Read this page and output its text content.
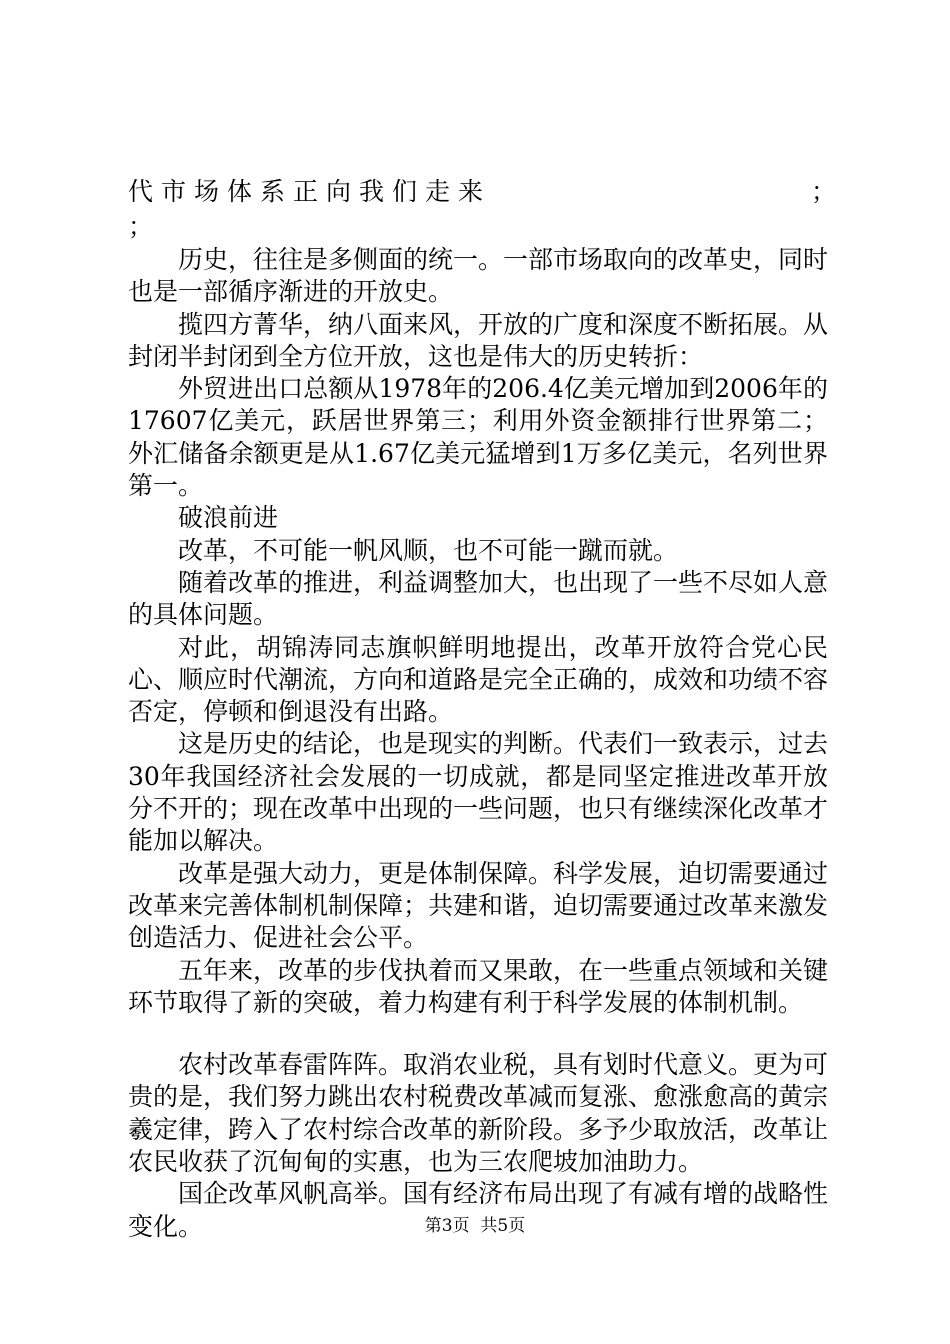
代市场体系正向我们走来	；
；

历史，往往是多侧面的统一。一部市场取向的改革史，同时也是一部循序渐进的开放史。

揽四方菁华，纳八面来风，开放的广度和深度不断拓展。从封闭半封闭到全方位开放，这也是伟大的历史转折：

外贸进出口总额从1978年的206.4亿美元增加到2006年的17607亿美元，跃居世界第三；利用外资金额排行世界第二；外汇储备余额更是从1.67亿美元猛增到1万多亿美元，名列世界第一。

破浪前进

改革，不可能一帆风顺，也不可能一蹴而就。

随着改革的推进，利益调整加大，也出现了一些不尽如人意的具体问题。

对此，胡锦涛同志旗帜鲜明地提出，改革开放符合党心民心、顺应时代潮流，方向和道路是完全正确的，成效和功绩不容否定，停顿和倒退没有出路。

这是历史的结论，也是现实的判断。代表们一致表示，过去30年我国经济社会发展的一切成就，都是同坚定推进改革开放分不开的；现在改革中出现的一些问题，也只有继续深化改革才能加以解决。

改革是强大动力，更是体制保障。科学发展，迫切需要通过改革来完善体制机制保障；共建和谐，迫切需要通过改革来激发创造活力、促进社会公平。

五年来，改革的步伐执着而又果敢，在一些重点领域和关键环节取得了新的突破，着力构建有利于科学发展的体制机制。

农村改革春雷阵阵。取消农业税，具有划时代意义。更为可贵的是，我们努力跳出农村税费改革减而复涨、愈涨愈高的黄宗羲定律，跨入了农村综合改革的新阶段。多予少取放活，改革让农民收获了沉甸甸的实惠，也为三农爬坡加油助力。

国企改革风帆高举。国有经济布局出现了有减有增的战略性变化。	第3页  共5页
